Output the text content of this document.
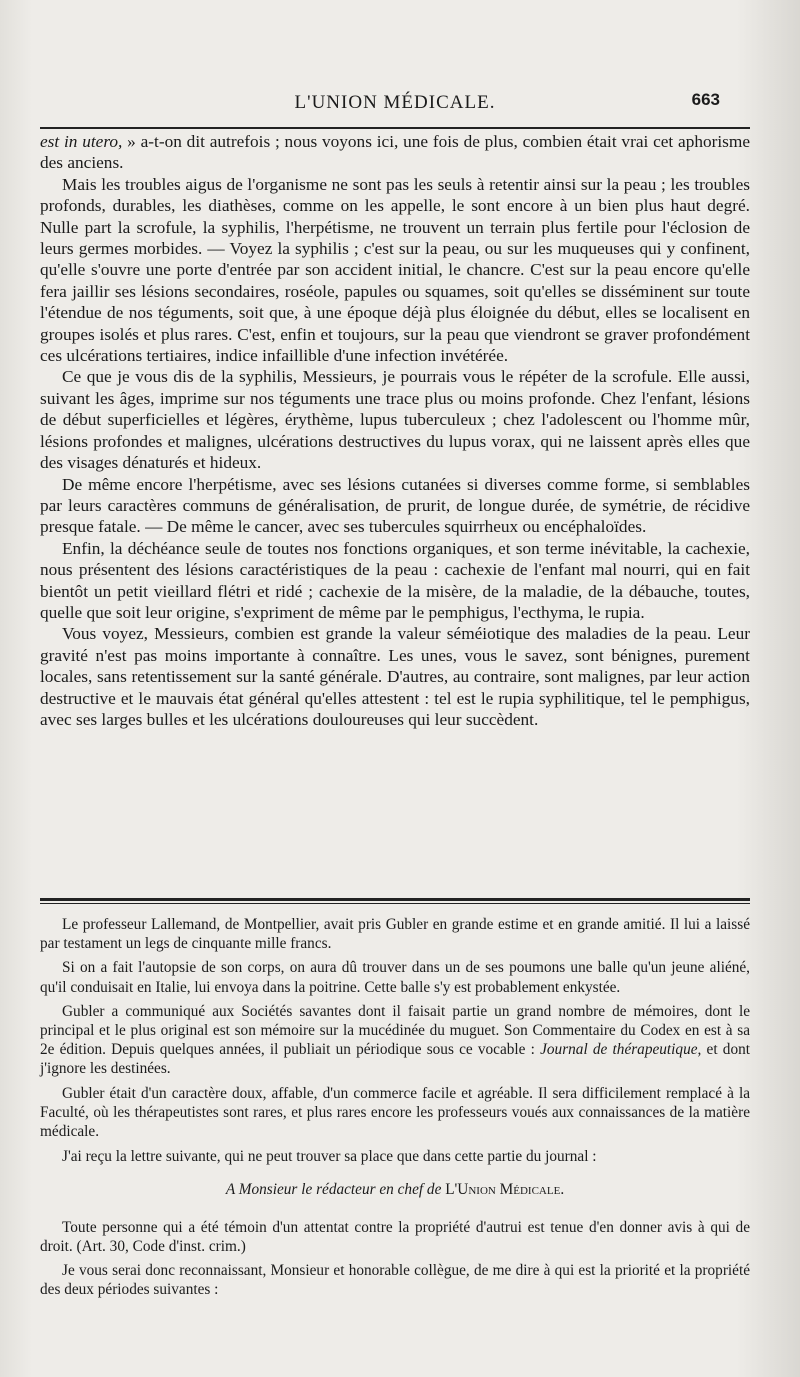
L'UNION MÉDICALE.	663

est in utero, » a-t-on dit autrefois ; nous voyons ici, une fois de plus, combien était vrai cet aphorisme des anciens.

Mais les troubles aigus de l'organisme ne sont pas les seuls à retentir ainsi sur la peau ; les troubles profonds, durables, les diathèses, comme on les appelle, le sont encore à un bien plus haut degré. Nulle part la scrofule, la syphilis, l'herpétisme, ne trouvent un terrain plus fertile pour l'éclosion de leurs germes morbides. — Voyez la syphilis ; c'est sur la peau, ou sur les muqueuses qui y confinent, qu'elle s'ouvre une porte d'entrée par son accident initial, le chancre. C'est sur la peau encore qu'elle fera jaillir ses lésions secondaires, roséole, papules ou squames, soit qu'elles se disséminent sur toute l'étendue de nos téguments, soit que, à une époque déjà plus éloignée du début, elles se localisent en groupes isolés et plus rares. C'est, enfin et toujours, sur la peau que viendront se graver profondément ces ulcérations tertiaires, indice infaillible d'une infection invétérée.

Ce que je vous dis de la syphilis, Messieurs, je pourrais vous le répéter de la scrofule. Elle aussi, suivant les âges, imprime sur nos téguments une trace plus ou moins profonde. Chez l'enfant, lésions de début superficielles et légères, érythème, lupus tuberculeux ; chez l'adolescent ou l'homme mûr, lésions profondes et malignes, ulcérations destructives du lupus vorax, qui ne laissent après elles que des visages dénaturés et hideux.

De même encore l'herpétisme, avec ses lésions cutanées si diverses comme forme, si semblables par leurs caractères communs de généralisation, de prurit, de longue durée, de symétrie, de récidive presque fatale. — De même le cancer, avec ses tubercules squirrheux ou encéphaloïdes.

Enfin, la déchéance seule de toutes nos fonctions organiques, et son terme inévitable, la cachexie, nous présentent des lésions caractéristiques de la peau : cachexie de l'enfant mal nourri, qui en fait bientôt un petit vieillard flétri et ridé ; cachexie de la misère, de la maladie, de la débauche, toutes, quelle que soit leur origine, s'expriment de même par le pemphigus, l'ecthyma, le rupia.

Vous voyez, Messieurs, combien est grande la valeur séméiotique des maladies de la peau. Leur gravité n'est pas moins importante à connaître. Les unes, vous le savez, sont bénignes, purement locales, sans retentissement sur la santé générale. D'autres, au contraire, sont malignes, par leur action destructive et le mauvais état général qu'elles attestent : tel est le rupia syphilitique, tel le pemphigus, avec ses larges bulles et les ulcérations douloureuses qui leur succèdent.

Le professeur Lallemand, de Montpellier, avait pris Gubler en grande estime et en grande amitié. Il lui a laissé par testament un legs de cinquante mille francs.

Si on a fait l'autopsie de son corps, on aura dû trouver dans un de ses poumons une balle qu'un jeune aliéné, qu'il conduisait en Italie, lui envoya dans la poitrine. Cette balle s'y est probablement enkystée.

Gubler a communiqué aux Sociétés savantes dont il faisait partie un grand nombre de mémoires, dont le principal et le plus original est son mémoire sur la mucédinée du muguet. Son Commentaire du Codex en est à sa 2e édition. Depuis quelques années, il publiait un périodique sous ce vocable : Journal de thérapeutique, et dont j'ignore les destinées.

Gubler était d'un caractère doux, affable, d'un commerce facile et agréable. Il sera difficilement remplacé à la Faculté, où les thérapeutistes sont rares, et plus rares encore les professeurs voués aux connaissances de la matière médicale.

J'ai reçu la lettre suivante, qui ne peut trouver sa place que dans cette partie du journal :

A Monsieur le rédacteur en chef de L'Union Médicale.

Toute personne qui a été témoin d'un attentat contre la propriété d'autrui est tenue d'en donner avis à qui de droit. (Art. 30, Code d'inst. crim.)

Je vous serai donc reconnaissant, Monsieur et honorable collègue, de me dire à qui est la priorité et la propriété des deux périodes suivantes :
